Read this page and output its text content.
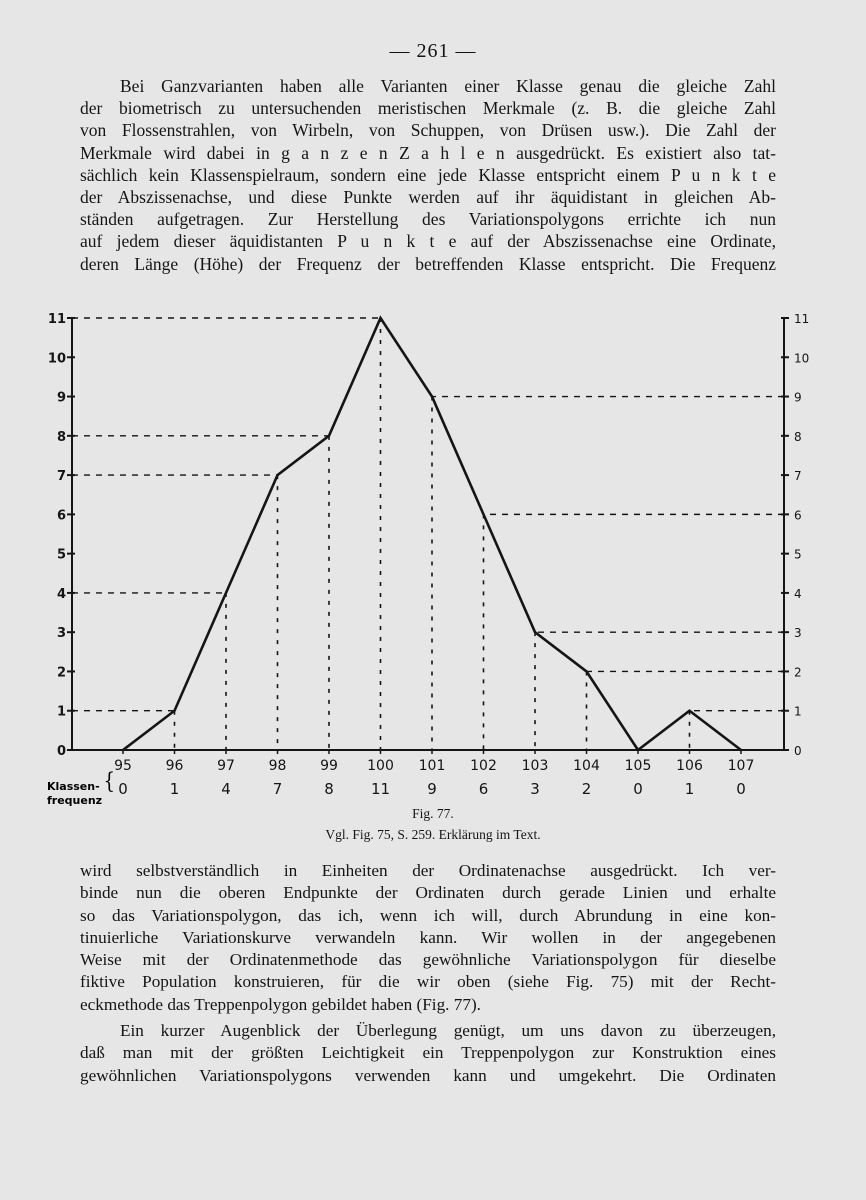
— 261 —
Bei Ganzvarianten haben alle Varianten einer Klasse genau die gleiche Zahl
der biometrisch zu untersuchenden meristischen Merkmale (z. B. die gleiche Zahl
von Flossenstrahlen, von Wirbeln, von Schuppen, von Drüsen usw.). Die Zahl der
Merkmale wird dabei in g a n z e n Z a h l e n ausgedrückt. Es existiert also tat-
sächlich kein Klassenspielraum, sondern eine jede Klasse entspricht einem P u n k t e
der Abszissenachse, und diese Punkte werden auf ihr äquidistant in gleichen Ab-
ständen aufgetragen. Zur Herstellung des Variationspolygons errichte ich nun
auf jedem dieser äquidistanten P u n k t e auf der Abszissenachse eine Ordinate,
deren Länge (Höhe) der Frequenz der betreffenden Klasse entspricht. Die Frequenz
0
1
2
3
4
5
6
7
8
9
10
11
0
1
2
3
4
5
6
7
8
9
10
11
95 96 97 98 99 100 101 102 103 104 105 106 107
0	1	4	7	8 11 9	6	3	2	0	1	0
Klassen-
frequenz
{
Fig. 77.
Vgl. Fig. 75, S. 259. Erklärung im Text.
wird selbstverständlich in Einheiten der Ordinatenachse ausgedrückt. Ich ver-
binde nun die oberen Endpunkte der Ordinaten durch gerade Linien und erhalte
so das Variationspolygon, das ich, wenn ich will, durch Abrundung in eine kon-
tinuierliche Variationskurve verwandeln kann. Wir wollen in der angegebenen
Weise mit der Ordinatenmethode das gewöhnliche Variationspolygon für dieselbe
fiktive Population konstruieren, für die wir oben (siehe Fig. 75) mit der Recht-
eckmethode das Treppenpolygon gebildet haben (Fig. 77).
Ein kurzer Augenblick der Überlegung genügt, um uns davon zu überzeugen,
daß man mit der größten Leichtigkeit ein Treppenpolygon zur Konstruktion eines
gewöhnlichen Variationspolygons verwenden kann und umgekehrt. Die Ordinaten
